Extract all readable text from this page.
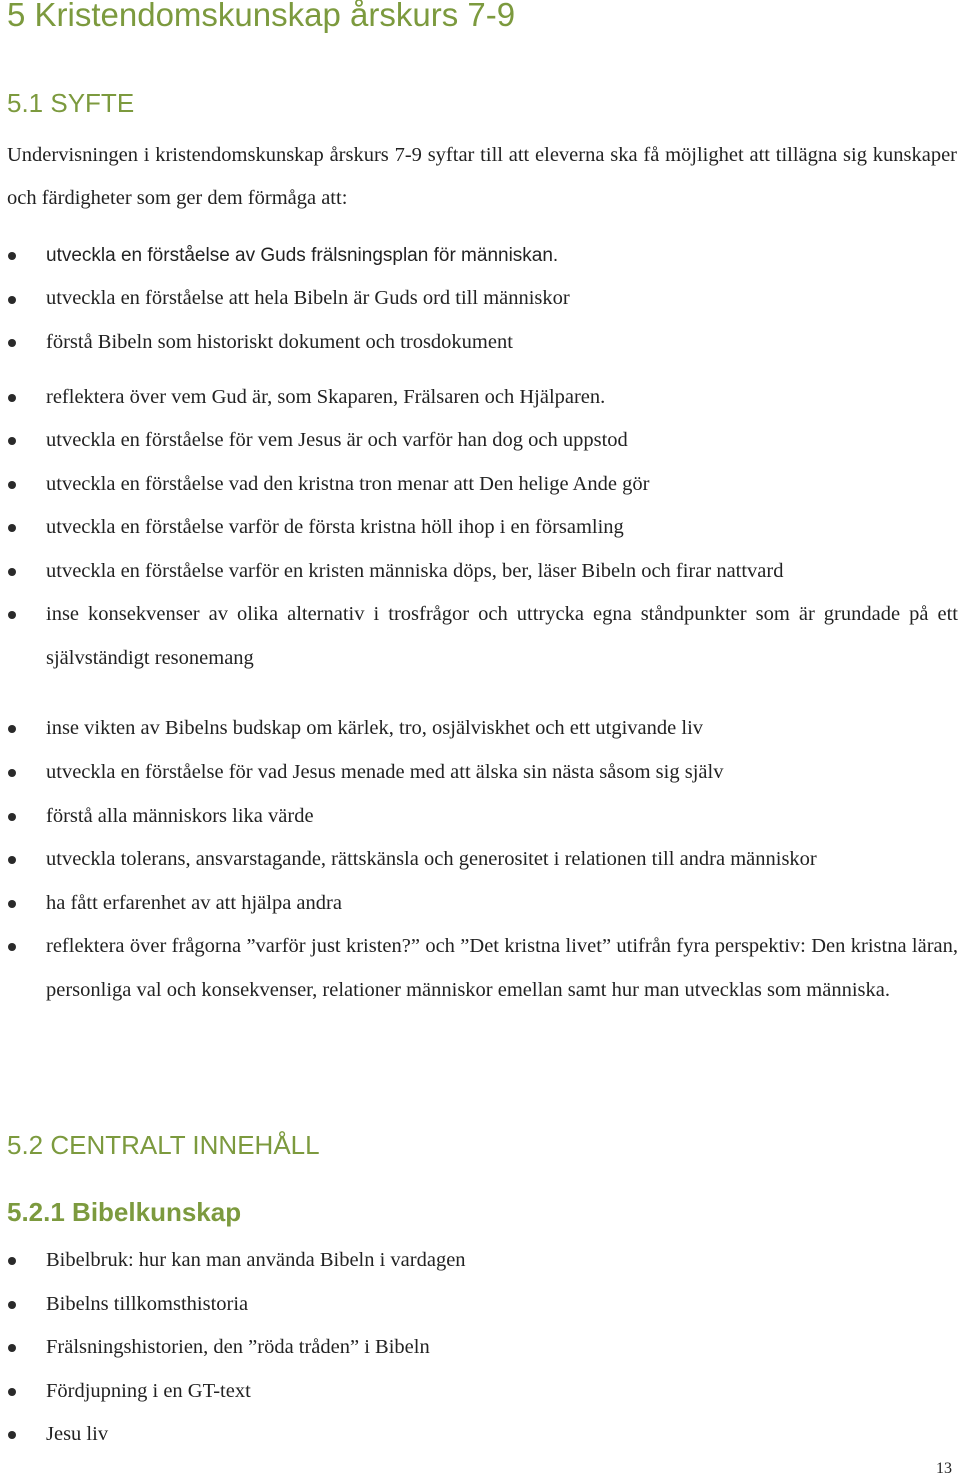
5 Kristendomskunskap årskurs 7-9
5.1 SYFTE

Undervisningen i kristendomskunskap årskurs 7-9 syftar till att eleverna ska få möjlighet att tillägna sig kunskaper och färdigheter som ger dem förmåga att:

utveckla en förståelse av Guds frälsningsplan för människan.

utveckla en förståelse att hela Bibeln är Guds ord till människor

förstå Bibeln som historiskt dokument och trosdokument

reflektera över vem Gud är, som Skaparen, Frälsaren och Hjälparen.

utveckla en förståelse för vem Jesus är och varför han dog och uppstod

utveckla en förståelse vad den kristna tron menar att Den helige Ande gör

utveckla en förståelse varför de första kristna höll ihop i en församling

utveckla en förståelse varför en kristen människa döps, ber, läser Bibeln och firar nattvard

inse konsekvenser av olika alternativ i trosfrågor och uttrycka egna ståndpunkter som är grundade på ett självständigt resonemang

inse vikten av Bibelns budskap om kärlek, tro, osjälviskhet och ett utgivande liv

utveckla en förståelse för vad Jesus menade med att älska sin nästa såsom sig själv

förstå alla människors lika värde

utveckla tolerans, ansvarstagande, rättskänsla och generositet i relationen till andra människor

ha fått erfarenhet av att hjälpa andra

reflektera över frågorna ”varför just kristen?” och ”Det kristna livet” utifrån fyra perspektiv: Den kristna läran, personliga val och konsekvenser, relationer människor emellan samt hur man utvecklas som människa.

5.2 CENTRALT INNEHÅLL
5.2.1 Bibelkunskap

Bibelbruk: hur kan man använda Bibeln i vardagen

Bibelns tillkomsthistoria

Frälsningshistorien, den ”röda tråden” i Bibeln

Fördjupning i en GT-text

Jesu liv

13
